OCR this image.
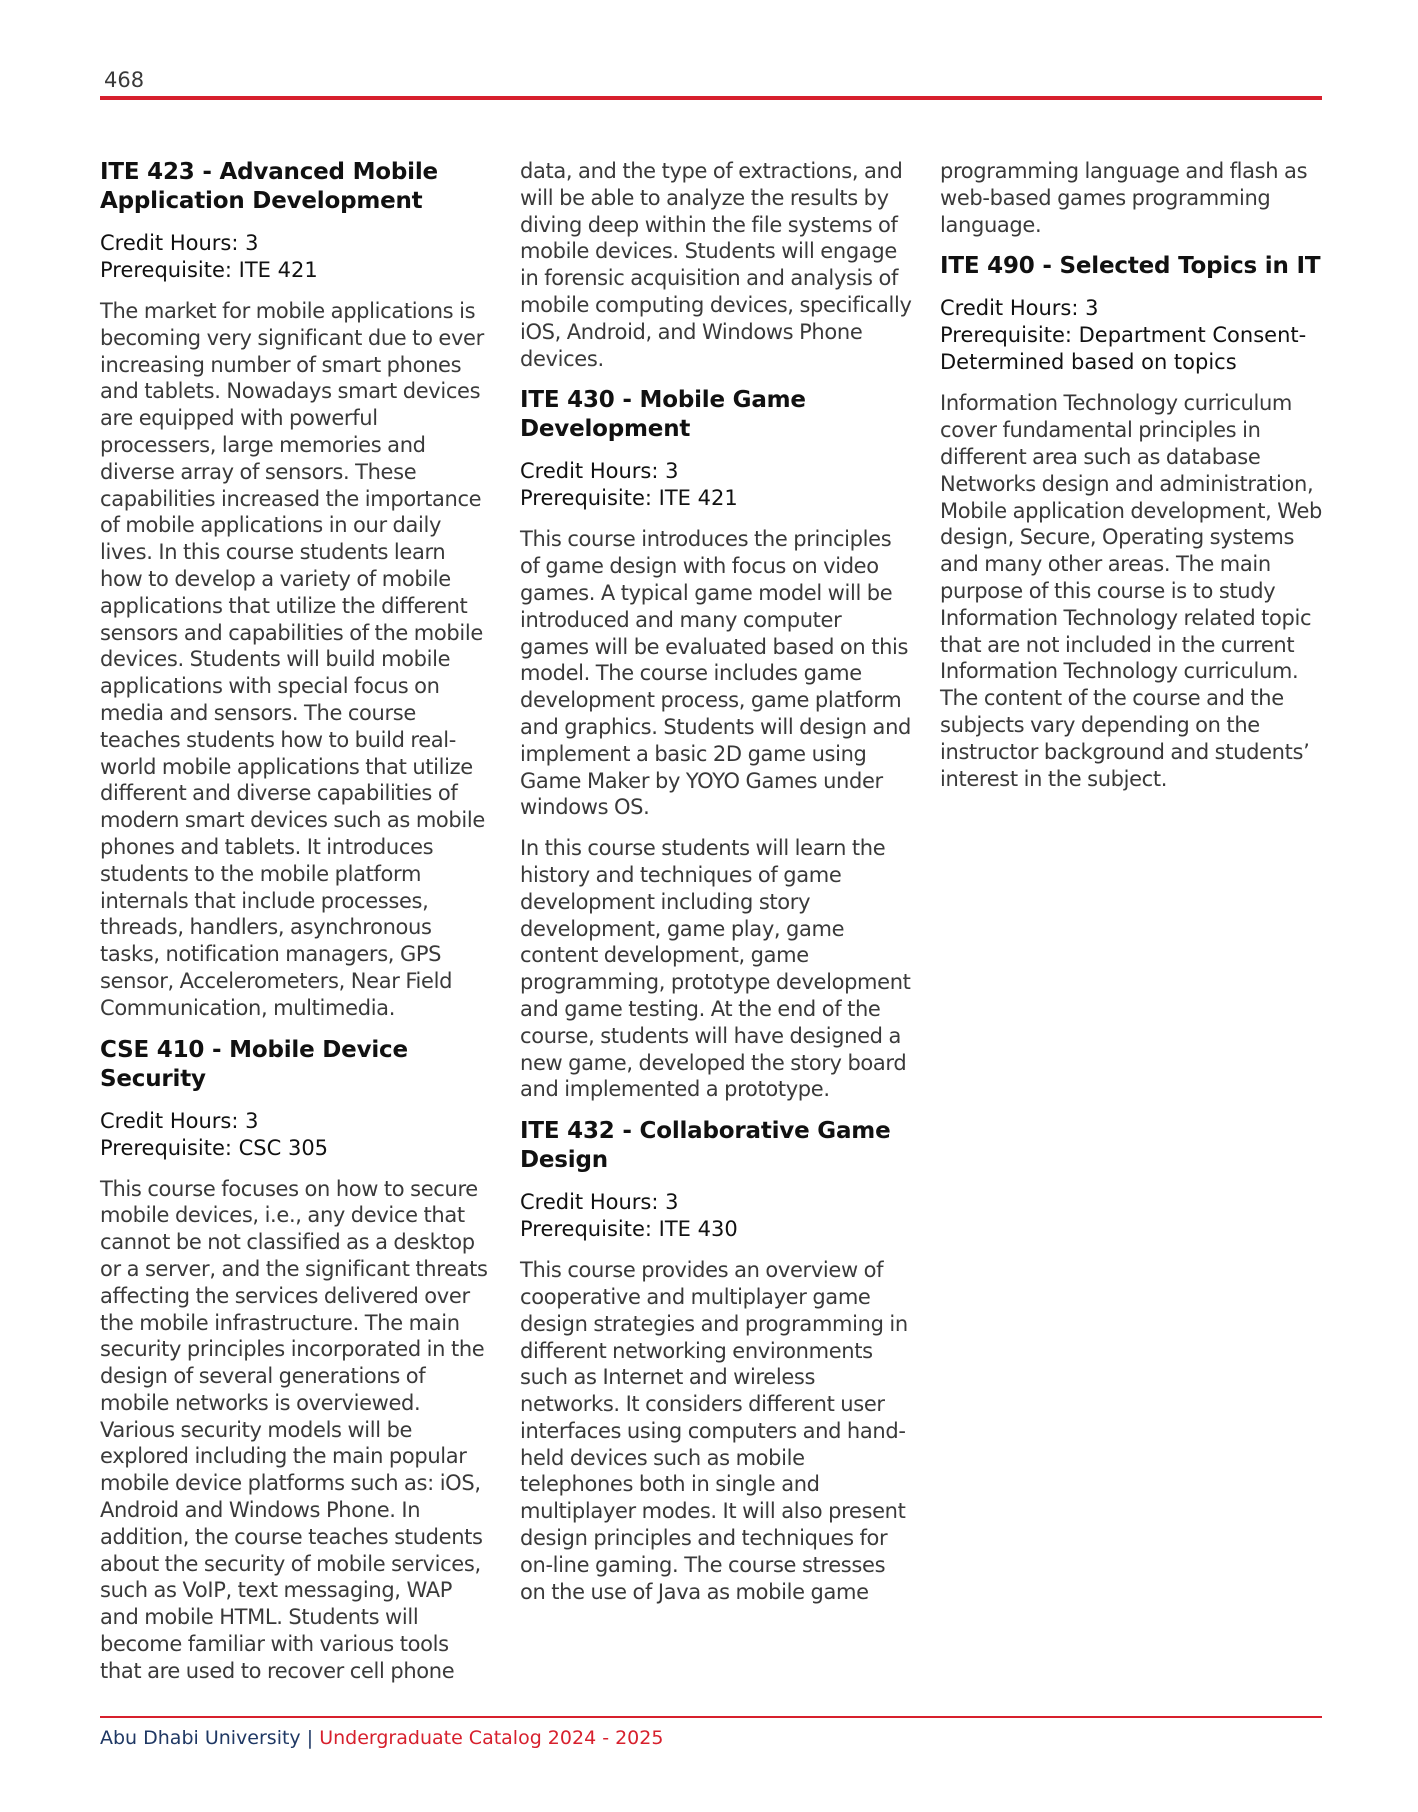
468
ITE 423 - Advanced Mobile Application Development
Credit Hours: 3
Prerequisite: ITE 421

The market for mobile applications is becoming very significant due to ever increasing number of smart phones and tablets. Nowadays smart devices are equipped with powerful processers, large memories and diverse array of sensors. These capabilities increased the importance of mobile applications in our daily lives. In this course students learn how to develop a variety of mobile applications that utilize the different sensors and capabilities of the mobile devices. Students will build mobile applications with special focus on media and sensors. The course teaches students how to build real-world mobile applications that utilize different and diverse capabilities of modern smart devices such as mobile phones and tablets. It introduces students to the mobile platform internals that include processes, threads, handlers, asynchronous tasks, notification managers, GPS sensor, Accelerometers, Near Field Communication, multimedia.

CSE 410 - Mobile Device Security
Credit Hours: 3
Prerequisite: CSC 305

This course focuses on how to secure mobile devices, i.e., any device that cannot be not classified as a desktop or a server, and the significant threats affecting the services delivered over the mobile infrastructure. The main security principles incorporated in the design of several generations of mobile networks is overviewed. Various security models will be explored including the main popular mobile device platforms such as: iOS, Android and Windows Phone. In addition, the course teaches students about the security of mobile services, such as VoIP, text messaging, WAP and mobile HTML. Students will become familiar with various tools that are used to recover cell phone

data, and the type of extractions, and will be able to analyze the results by diving deep within the file systems of mobile devices. Students will engage in forensic acquisition and analysis of mobile computing devices, specifically iOS, Android, and Windows Phone devices.

ITE 430 - Mobile Game Development
Credit Hours: 3
Prerequisite: ITE 421

This course introduces the principles of game design with focus on video games. A typical game model will be introduced and many computer games will be evaluated based on this model. The course includes game development process, game platform and graphics. Students will design and implement a basic 2D game using Game Maker by YOYO Games under windows OS.

In this course students will learn the history and techniques of game development including story development, game play, game content development, game programming, prototype development and game testing. At the end of the course, students will have designed a new game, developed the story board and implemented a prototype.

ITE 432 - Collaborative Game Design
Credit Hours: 3
Prerequisite: ITE 430

This course provides an overview of cooperative and multiplayer game design strategies and programming in different networking environments such as Internet and wireless networks. It considers different user interfaces using computers and hand-held devices such as mobile telephones both in single and multiplayer modes. It will also present design principles and techniques for on-line gaming. The course stresses on the use of Java as mobile game

programming language and flash as web-based games programming language.

ITE 490 - Selected Topics in IT
Credit Hours: 3
Prerequisite: Department Consent-Determined based on topics

Information Technology curriculum cover fundamental principles in different area such as database Networks design and administration, Mobile application development, Web design, Secure, Operating systems and many other areas. The main purpose of this course is to study Information Technology related topic that are not included in the current Information Technology curriculum. The content of the course and the subjects vary depending on the instructor background and students’ interest in the subject.

Abu Dhabi University | Undergraduate Catalog 2024 - 2025
